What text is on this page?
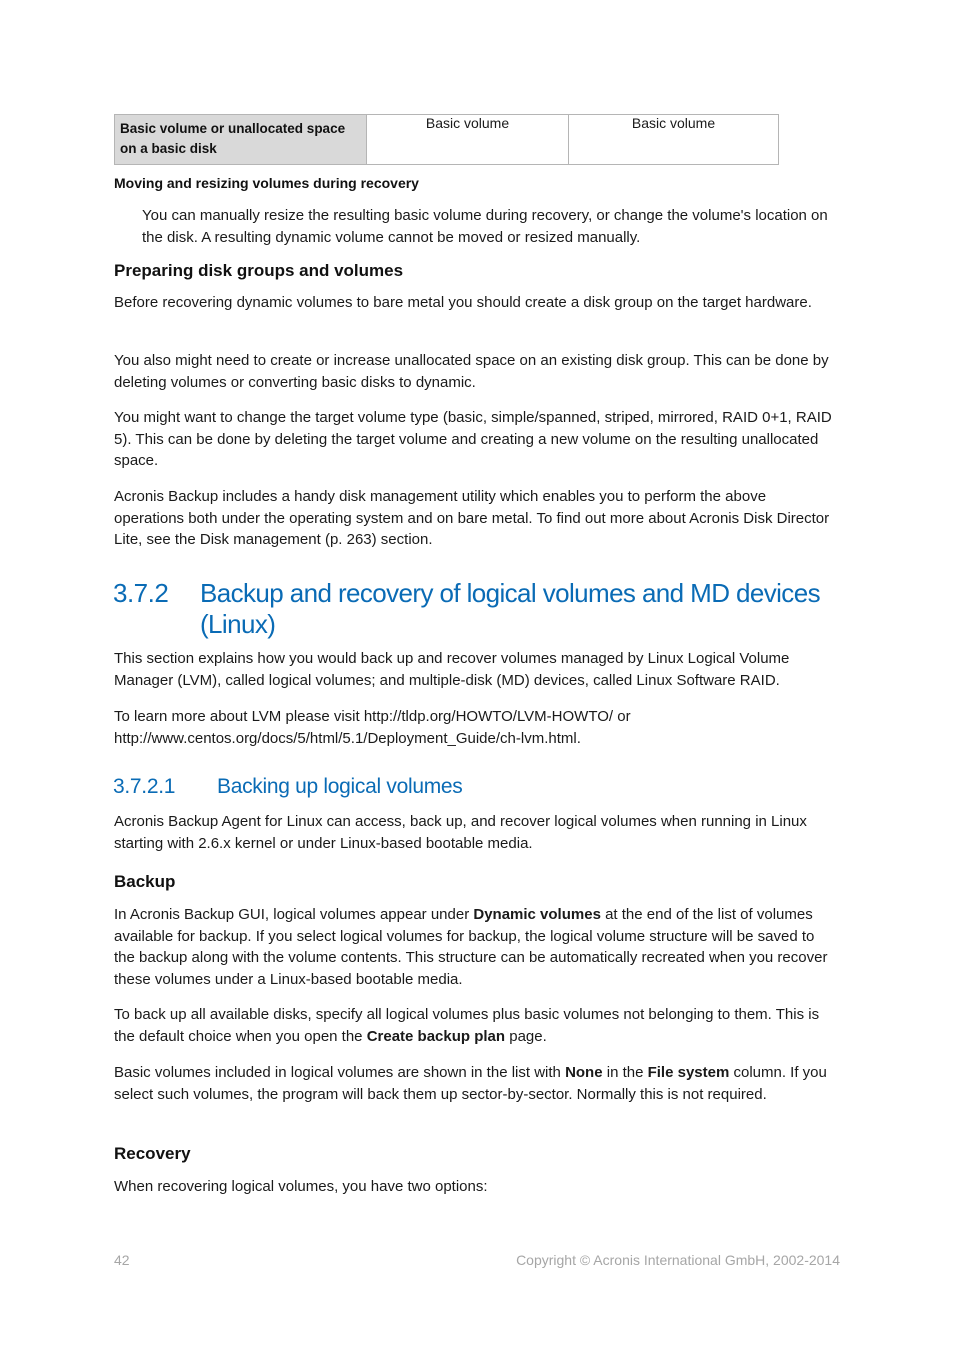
Basic volume or unallocated space on a basic disk	Basic volume	Basic volume
Moving and resizing volumes during recovery

You can manually resize the resulting basic volume during recovery, or change the volume's location on the disk. A resulting dynamic volume cannot be moved or resized manually.

Preparing disk groups and volumes

Before recovering dynamic volumes to bare metal you should create a disk group on the target hardware.

You also might need to create or increase unallocated space on an existing disk group. This can be done by deleting volumes or converting basic disks to dynamic.

You might want to change the target volume type (basic, simple/spanned, striped, mirrored, RAID 0+1, RAID 5). This can be done by deleting the target volume and creating a new volume on the resulting unallocated space.

Acronis Backup includes a handy disk management utility which enables you to perform the above operations both under the operating system and on bare metal. To find out more about Acronis Disk Director Lite, see the Disk management (p. 263) section.

3.7.2 Backup and recovery of logical volumes and MD devices
(Linux)

This section explains how you would back up and recover volumes managed by Linux Logical Volume Manager (LVM), called logical volumes; and multiple-disk (MD) devices, called Linux Software RAID.

To learn more about LVM please visit http://tldp.org/HOWTO/LVM-HOWTO/ or
http://www.centos.org/docs/5/html/5.1/Deployment_Guide/ch-lvm.html.
3.7.2.1 Backing up logical volumes

Acronis Backup Agent for Linux can access, back up, and recover logical volumes when running in Linux starting with 2.6.x kernel or under Linux-based bootable media.

Backup

In Acronis Backup GUI, logical volumes appear under Dynamic volumes at the end of the list of volumes available for backup. If you select logical volumes for backup, the logical volume structure will be saved to the backup along with the volume contents. This structure can be automatically recreated when you recover these volumes under a Linux-based bootable media.

To back up all available disks, specify all logical volumes plus basic volumes not belonging to them. This is the default choice when you open the Create backup plan page.

Basic volumes included in logical volumes are shown in the list with None in the File system column. If you select such volumes, the program will back them up sector-by-sector. Normally this is not required.

Recovery

When recovering logical volumes, you have two options:

42	Copyright © Acronis International GmbH, 2002-2014
